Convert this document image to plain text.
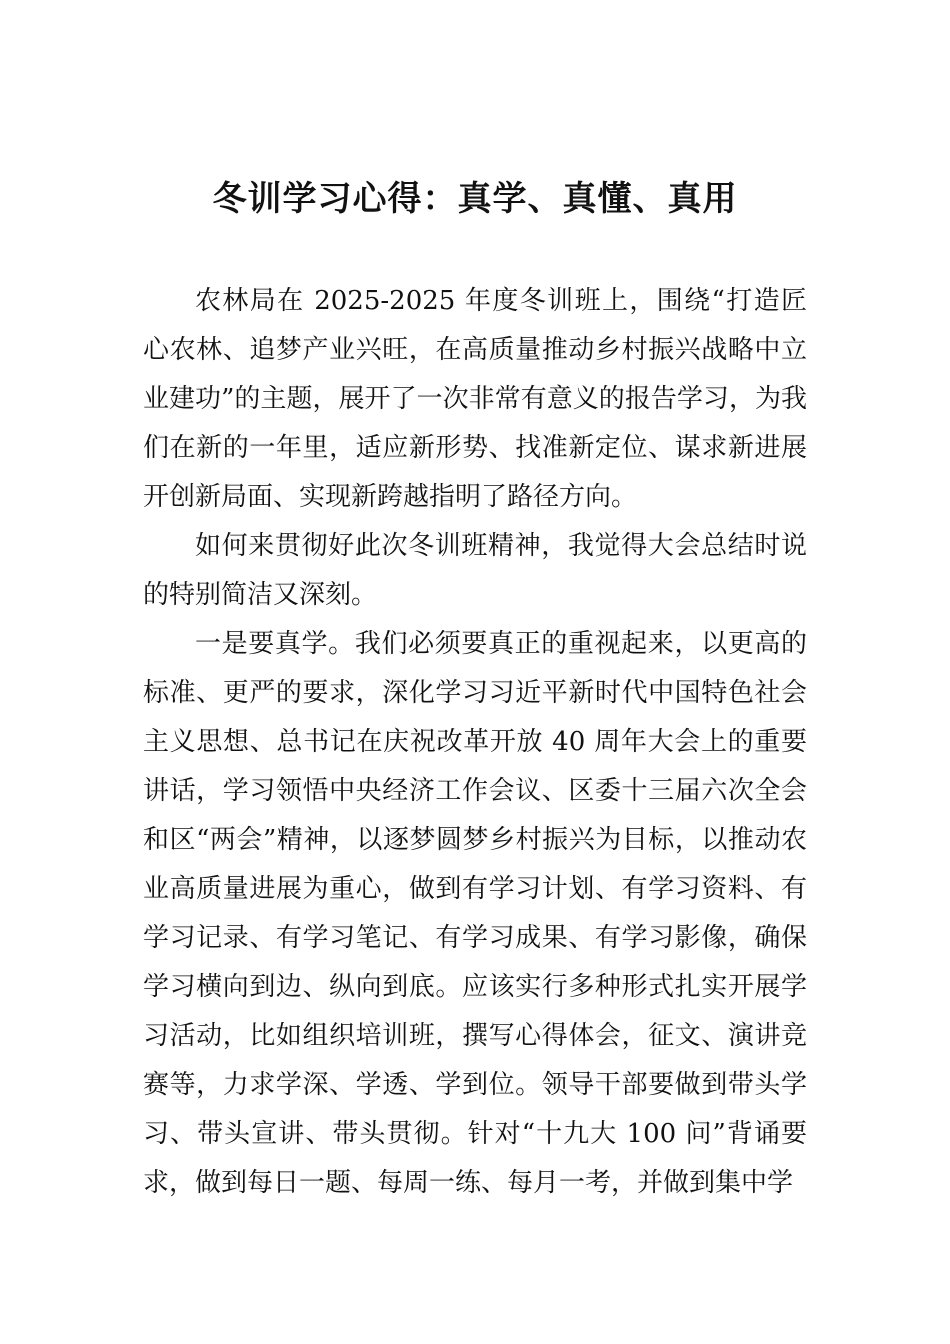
冬训学习心得：真学、真懂、真用

农林局在 2025-2025 年度冬训班上，围绕“打造匠心农林、追梦产业兴旺，在高质量推动乡村振兴战略中立业建功”的主题，展开了一次非常有意义的报告学习，为我们在新的一年里，适应新形势、找准新定位、谋求新进展开创新局面、实现新跨越指明了路径方向。

如何来贯彻好此次冬训班精神，我觉得大会总结时说的特别简洁又深刻。

一是要真学。我们必须要真正的重视起来，以更高的标准、更严的要求，深化学习习近平新时代中国特色社会主义思想、总书记在庆祝改革开放 40 周年大会上的重要讲话，学习领悟中央经济工作会议、区委十三届六次全会和区“两会”精神，以逐梦圆梦乡村振兴为目标，以推动农业高质量进展为重心，做到有学习计划、有学习资料、有学习记录、有学习笔记、有学习成果、有学习影像，确保学习横向到边、纵向到底。应该实行多种形式扎实开展学习活动，比如组织培训班，撰写心得体会，征文、演讲竞赛等，力求学深、学透、学到位。领导干部要做到带头学习、带头宣讲、带头贯彻。针对“十九大 100 问”背诵要求，做到每日一题、每周一练、每月一考，并做到集中学
